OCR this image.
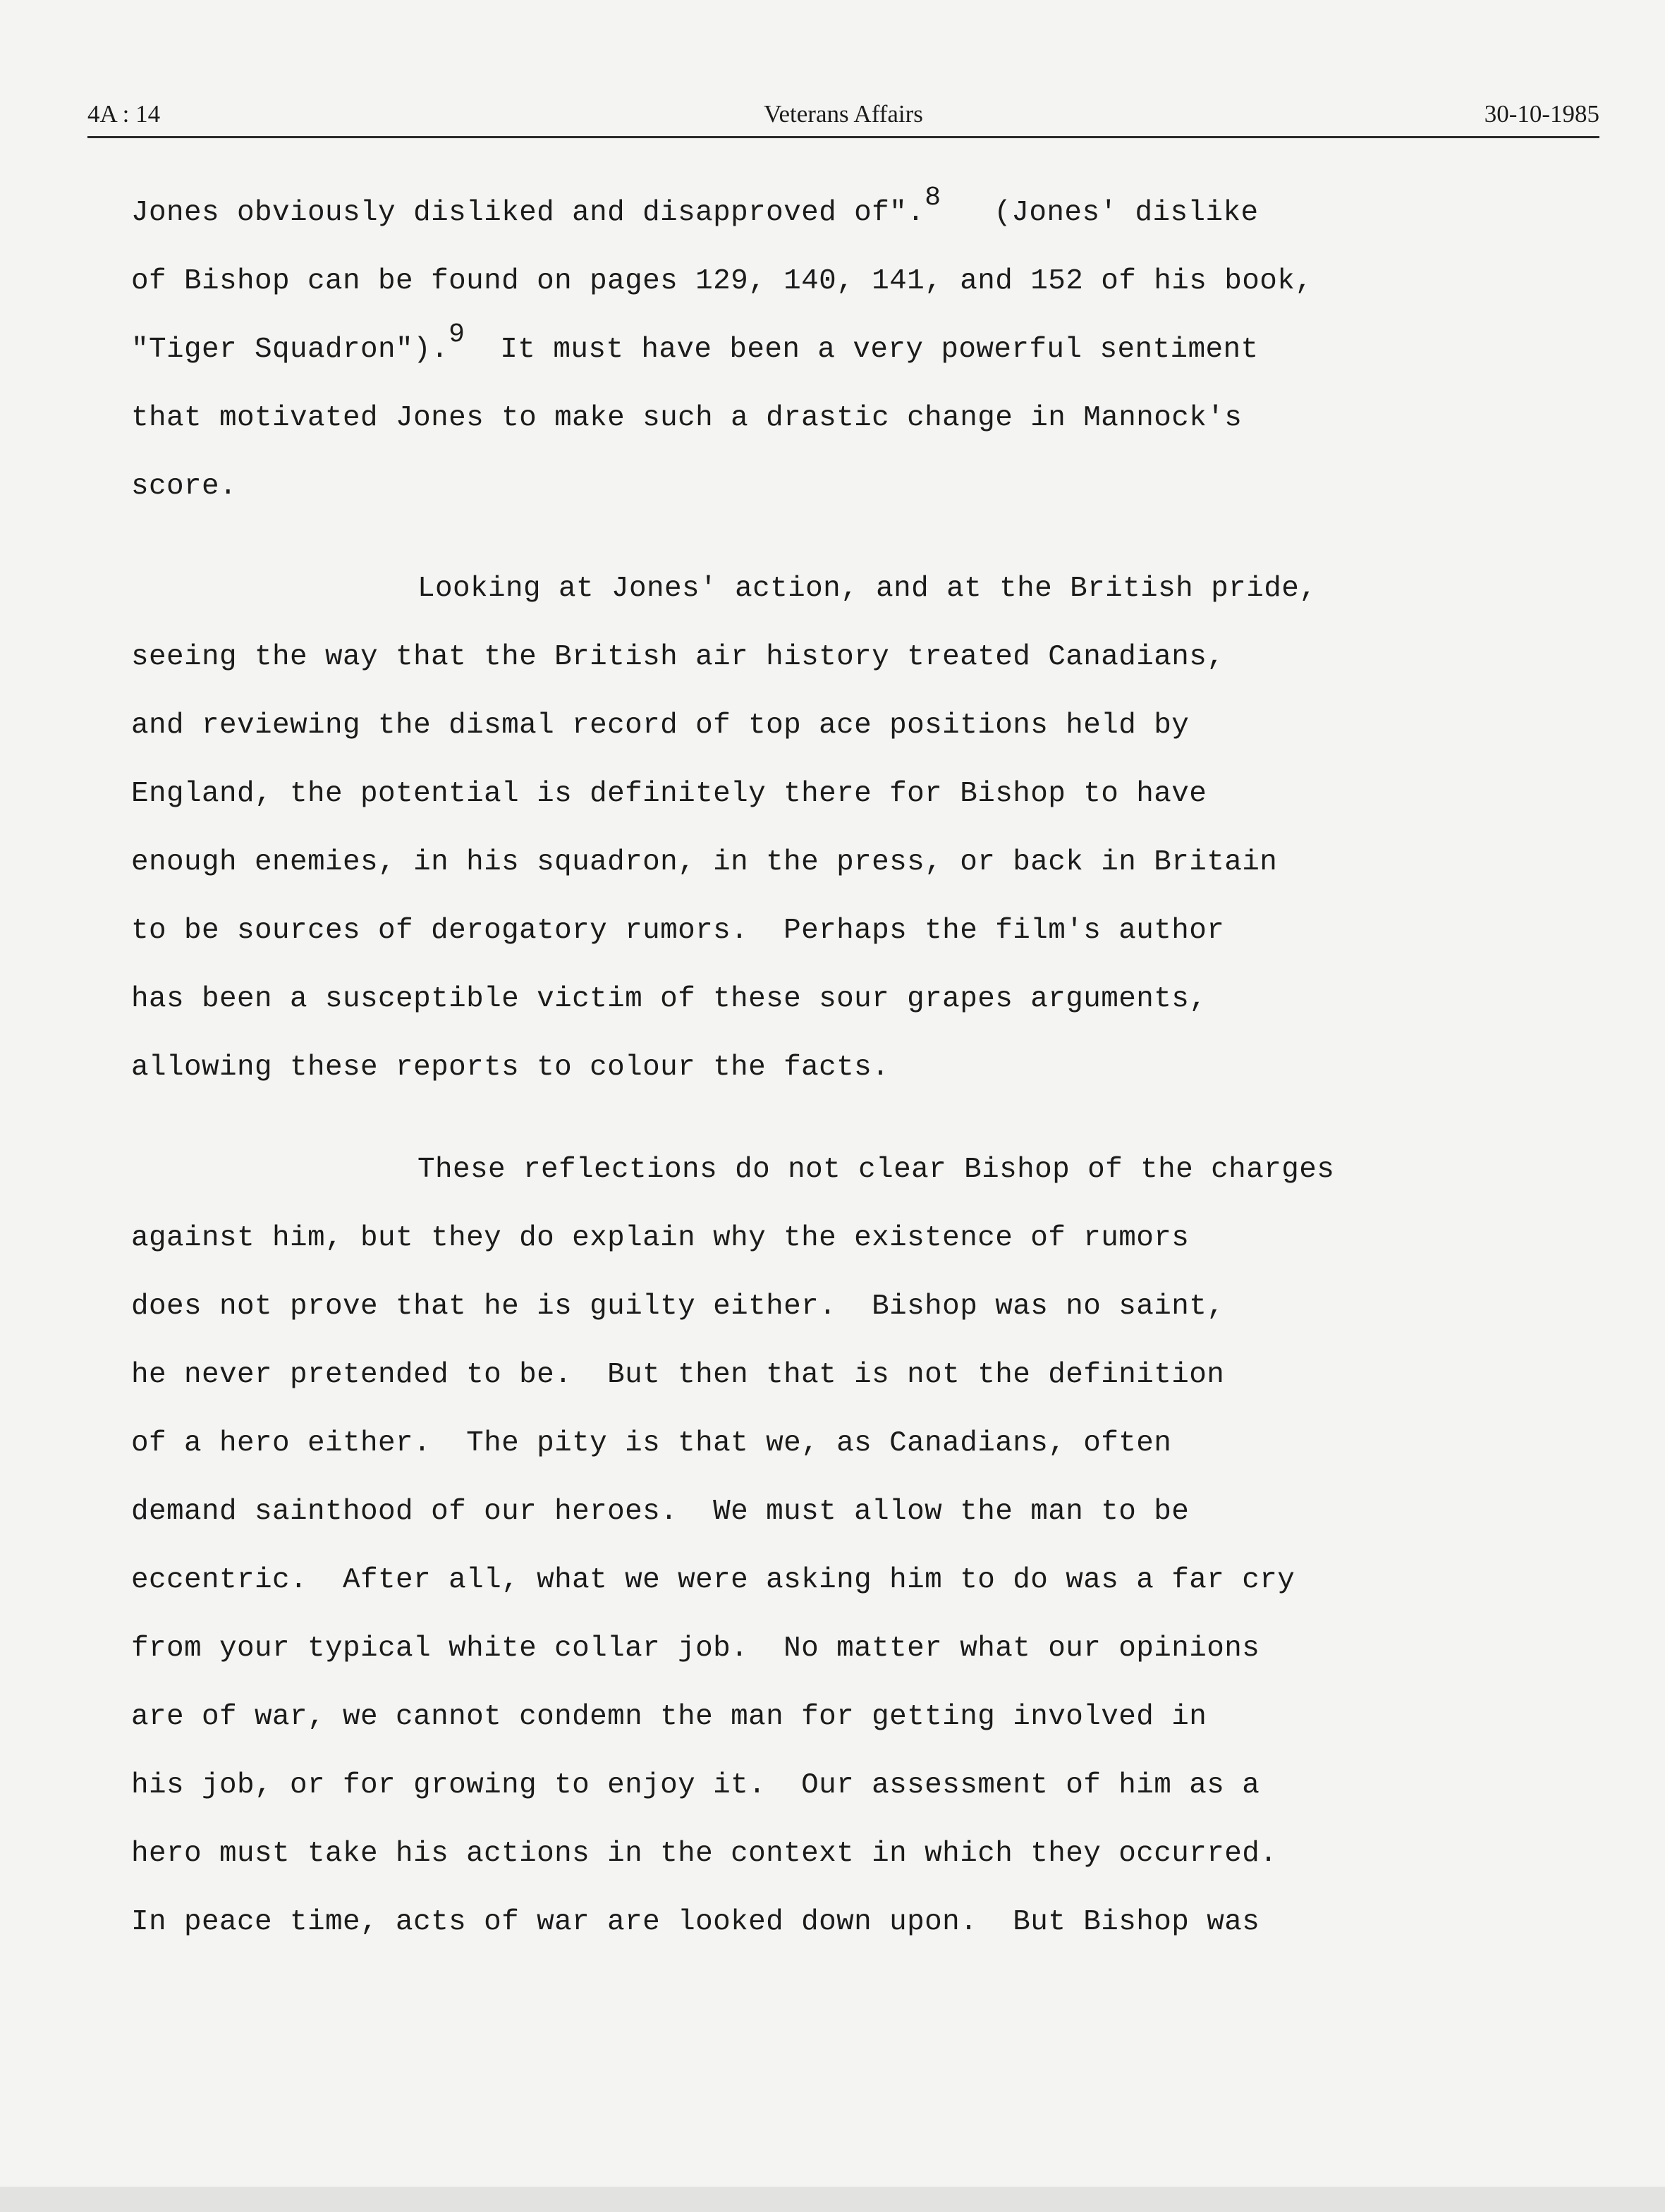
4A : 14	Veterans Affairs	30-10-1985
Jones obviously disliked and disapproved of".$^8$   (Jones' dislike
of Bishop can be found on pages 129, 140, 141, and 152 of his book,
"Tiger Squadron").$^9$  It must have been a very powerful sentiment
that motivated Jones to make such a drastic change in Mannock's
score.
Looking at Jones' action, and at the British pride,
seeing the way that the British air history treated Canadians,
and reviewing the dismal record of top ace positions held by
England, the potential is definitely there for Bishop to have
enough enemies, in his squadron, in the press, or back in Britain
to be sources of derogatory rumors.  Perhaps the film's author
has been a susceptible victim of these sour grapes arguments,
allowing these reports to colour the facts.
These reflections do not clear Bishop of the charges
against him, but they do explain why the existence of rumors
does not prove that he is guilty either.  Bishop was no saint,
he never pretended to be.  But then that is not the definition
of a hero either.  The pity is that we, as Canadians, often
demand sainthood of our heroes.  We must allow the man to be
eccentric.  After all, what we were asking him to do was a far cry
from your typical white collar job.  No matter what our opinions
are of war, we cannot condemn the man for getting involved in
his job, or for growing to enjoy it.  Our assessment of him as a
hero must take his actions in the context in which they occurred.
In peace time, acts of war are looked down upon.  But Bishop was
